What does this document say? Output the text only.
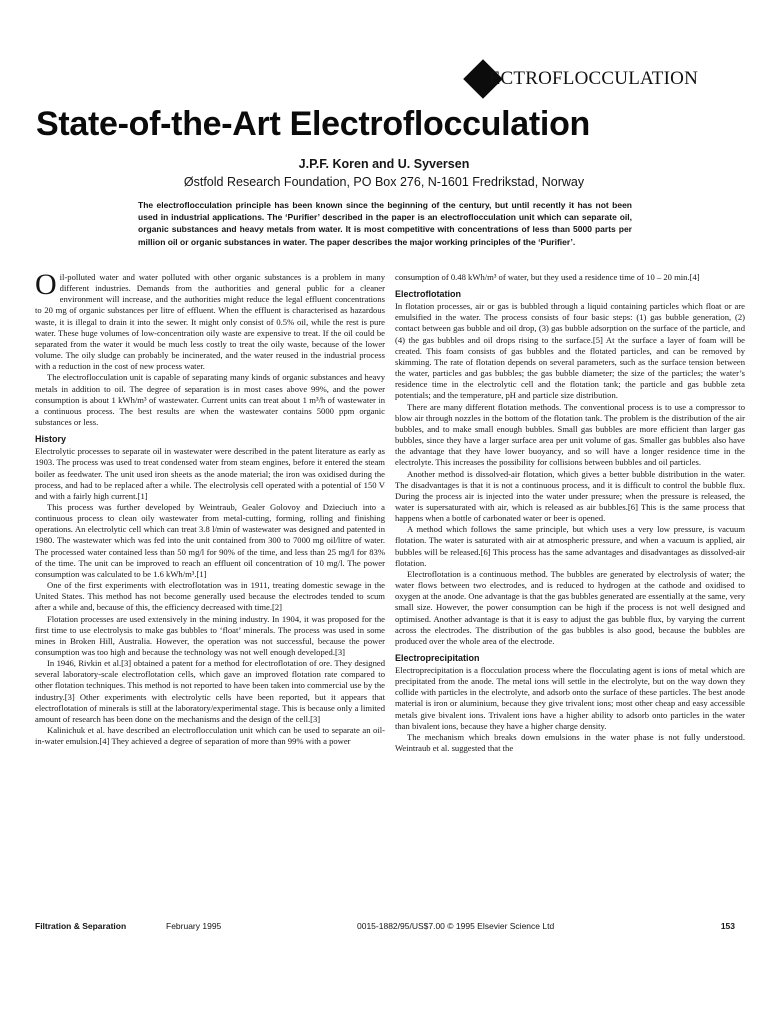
ECTROFLOCCULATION
State-of-the-Art Electroflocculation
J.P.F. Koren and U. Syversen
Østfold Research Foundation, PO Box 276, N-1601 Fredrikstad, Norway

The electroflocculation principle has been known since the beginning of the century, but until recently it has not been used in industrial applications. The ‘Purifier’ described in the paper is an electroflocculation unit which can separate oil, organic substances and heavy metals from water. It is most competitive with concentrations of less than 5000 parts per million oil or organic substances in water. The paper describes the major working principles of the ‘Purifier’.

Oil-polluted water and water polluted with other organic substances is a problem in many different industries. Demands from the authorities and general public for a cleaner environment will increase, and the authorities might reduce the legal effluent concentrations to 20 mg of organic substances per litre of effluent. When the effluent is characterised as hazardous waste, it is illegal to drain it into the sewer. It might only consist of 0.5% oil, while the rest is pure water. These huge volumes of low-concentration oily waste are expensive to treat. If the oil could be separated from the water it would be much less costly to treat the oily waste, because of the lower volume. The oily sludge can probably be incinerated, and the water reused in the industrial process with a reduction in the cost of new process water.

The electroflocculation unit is capable of separating many kinds of organic substances and heavy metals in addition to oil. The degree of separation is in most cases above 99%, and the power consumption is about 1 kWh/m³ of wastewater. Current units can treat about 1 m³/h of wastewater in a continuous process. The best results are when the wastewater contains 5000 ppm organic substances or less.

History

Electrolytic processes to separate oil in wastewater were described in the patent literature as early as 1903. The process was used to treat condensed water from steam engines, before it entered the steam boiler as feedwater. The unit used iron sheets as the anode material; the iron was oxidised during the process, and had to be replaced after a while. The electrolysis cell operated with a potential of 150 V and with a fairly high current.[1]

This process was further developed by Weintraub, Gealer Golovoy and Dzieciuch into a continuous process to clean oily wastewater from metal-cutting, forming, rolling and finishing operations. An electrolytic cell which can treat 3.8 l/min of wastewater was designed and patented in 1980. The wastewater which was fed into the unit contained from 300 to 7000 mg oil/litre of water. The processed water contained less than 50 mg/l for 90% of the time, and less than 25 mg/l for 83% of the time. The unit can be improved to reach an effluent oil concentration of 10 mg/l. The power consumption was calculated to be 1.6 kWh/m³.[1]

One of the first experiments with electroflotation was in 1911, treating domestic sewage in the United States. This method has not become generally used because the electrodes tended to scum after a while and, because of this, the efficiency decreased with time.[2]

Flotation processes are used extensively in the mining industry. In 1904, it was proposed for the first time to use electrolysis to make gas bubbles to ‘float’ minerals. The process was used in some mines in Broken Hill, Australia. However, the operation was not successful, because the power consumption was too high and because the technology was not well enough developed.[3]

In 1946, Rivkin et al.[3] obtained a patent for a method for electroflotation of ore. They designed several laboratory-scale electroflotation cells, which gave an improved flotation rate compared to other flotation techniques. This method is not reported to have been taken into commercial use by the industry.[3] Other experiments with electrolytic cells have been reported, but it appears that electroflotation of minerals is still at the laboratory/experimental stage. This is because only a limited amount of research has been done on the mechanisms and the design of the cell.[3]

Kalinichuk et al. have described an electroflocculation unit which can be used to separate an oil-in-water emulsion.[4] They achieved a degree of separation of more than 99% with a power

consumption of 0.48 kWh/m³ of water, but they used a residence time of 10 – 20 min.[4]

Electroflotation

In flotation processes, air or gas is bubbled through a liquid containing particles which float or are emulsified in the water. The process consists of four basic steps: (1) gas bubble generation, (2) contact between gas bubble and oil drop, (3) gas bubble adsorption on the surface of the particle, and (4) the gas bubbles and oil drops rising to the surface.[5] At the surface a layer of foam will be created. This foam consists of gas bubbles and the flotated particles, and can be removed by skimming. The rate of flotation depends on several parameters, such as the surface tension between the water, particles and gas bubbles; the gas bubble diameter; the size of the particles; the water’s residence time in the electrolytic cell and the flotation tank; the particle and gas bubble zeta potentials; and the temperature, pH and particle size distribution.

There are many different flotation methods. The conventional process is to use a compressor to blow air through nozzles in the bottom of the flotation tank. The problem is the distribution of the air bubbles, and to make small enough bubbles. Small gas bubbles are more efficient than larger gas bubbles, since they have a larger surface area per unit volume of gas. Smaller gas bubbles also have the advantage that they have lower buoyancy, and so will have a longer residence time in the electrolyte. This increases the possibility for collisions between bubbles and oil particles.

Another method is dissolved-air flotation, which gives a better bubble distribution in the water. The disadvantages is that it is not a continuous process, and it is difficult to control the bubble flux. During the process air is injected into the water under pressure; when the pressure is released, the water is supersaturated with air, which is released as air bubbles.[6] This is the same process that happens when a bottle of carbonated water or beer is opened.

A method which follows the same principle, but which uses a very low pressure, is vacuum flotation. The water is saturated with air at atmospheric pressure, and when a vacuum is applied, air bubbles will be released.[6] This process has the same advantages and disadvantages as dissolved-air flotation.

Electroflotation is a continuous method. The bubbles are generated by electrolysis of water; the water flows between two electrodes, and is reduced to hydrogen at the cathode and oxidised to oxygen at the anode. One advantage is that the gas bubbles generated are essentially at the same, very small size. However, the power consumption can be high if the process is not well designed and optimised. Another advantage is that it is easy to adjust the gas bubble flux, by varying the current across the electrodes. The distribution of the gas bubbles is also good, because the bubbles are produced over the whole area of the electrode.

Electroprecipitation

Electroprecipitation is a flocculation process where the flocculating agent is ions of metal which are precipitated from the anode. The metal ions will settle in the electrolyte, but on the way down they collide with particles in the electrolyte, and adsorb onto the surface of these particles. The best anode material is iron or aluminium, because they give trivalent ions; most other cheap and easy accessible metals give bivalent ions. Trivalent ions have a higher ability to adsorb onto particles in the water than bivalent ions, because they have a higher charge density.

The mechanism which breaks down emulsions in the water phase is not fully understood. Weintraub et al. suggested that the

Filtration & Separation	February 1995	0015-1882/95/US$7.00 © 1995 Elsevier Science Ltd	153
